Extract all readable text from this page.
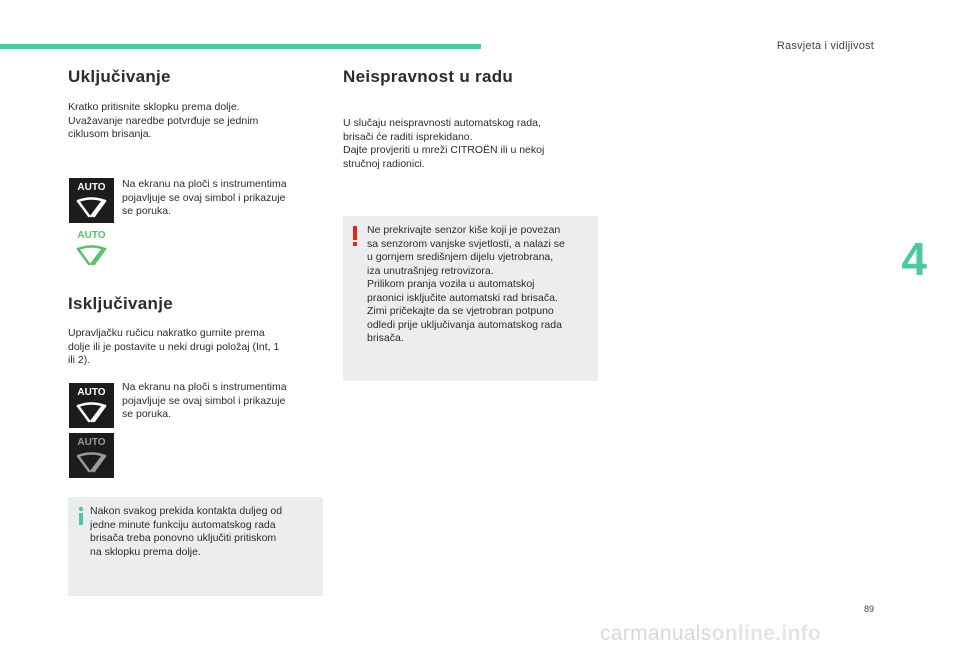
Rasvjeta i vidljivost
Uključivanje

Kratko pritisnite sklopku prema dolje.

Uvažavanje naredbe potvrđuje se jednim

ciklusom brisanja.

AUTO Na ekranu na ploči s instrumentima

pojavljuje se ovaj simbol i prikazuje

se poruka.

AUTO
Isključivanje

Upravljačku ručicu nakratko gurnite prema

dolje ili je postavite u neki drugi položaj (Int, 1

ili 2).

AUTO Na ekranu na ploči s instrumentima

pojavljuje se ovaj simbol i prikazuje

se poruka.

AUTO

Nakon svakog prekida kontakta duljeg od

jedne minute funkciju automatskog rada

brisača treba ponovno uključiti pritiskom

na sklopku prema dolje.

Neispravnost u radu

U slučaju neispravnosti automatskog rada,

brisači će raditi isprekidano.

Dajte provjeriti u mreži CITROËN ili u nekoj

stručnoj radionici.

Ne prekrivajte senzor kiše koji je povezan

sa senzorom vanjske svjetlosti, a nalazi se

u gornjem središnjem dijelu vjetrobrana,

iza unutrašnjeg retrovizora.

Prilikom pranja vozila u automatskoj

praonici isključite automatski rad brisača.

Zimi pričekajte da se vjetrobran potpuno

odledi prije uključivanja automatskog rada

brisača.

4
89
carmanualsonline.info
